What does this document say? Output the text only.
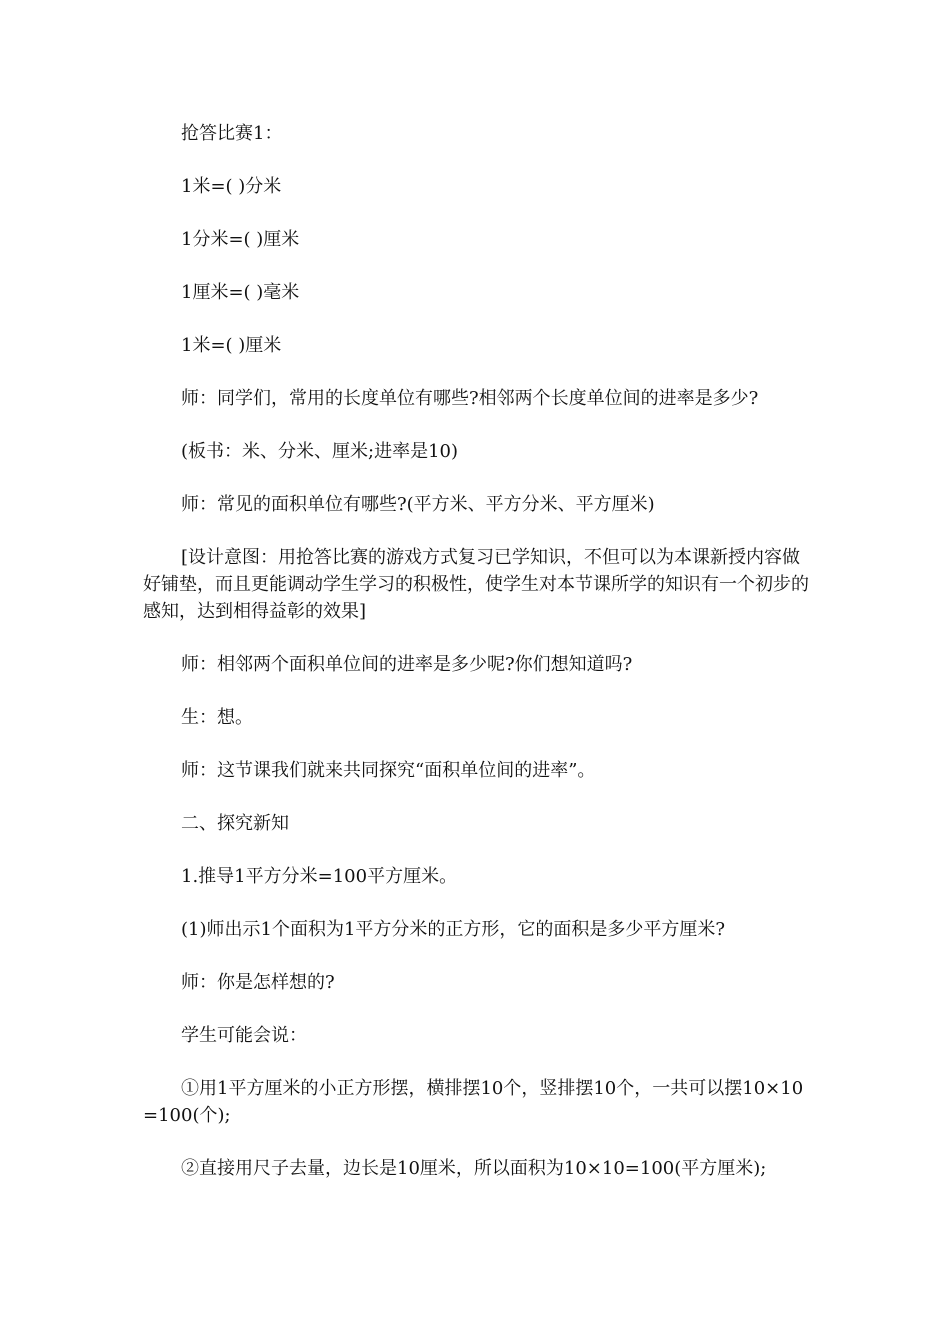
抢答比赛1：

1米=( )分米

1分米=( )厘米

1厘米=( )毫米

1米=( )厘米

师：同学们，常用的长度单位有哪些?相邻两个长度单位间的进率是多少?

(板书：米、分米、厘米;进率是10)

师：常见的面积单位有哪些?(平方米、平方分米、平方厘米)

[设计意图：用抢答比赛的游戏方式复习已学知识，不但可以为本课新授内容做好铺垫，而且更能调动学生学习的积极性，使学生对本节课所学的知识有一个初步的感知，达到相得益彰的效果]

师：相邻两个面积单位间的进率是多少呢?你们想知道吗?

生：想。

师：这节课我们就来共同探究“面积单位间的进率”。

二、探究新知

1.推导1平方分米=100平方厘米。

(1)师出示1个面积为1平方分米的正方形，它的面积是多少平方厘米?

师：你是怎样想的?

学生可能会说：

①用1平方厘米的小正方形摆，横排摆10个，竖排摆10个，一共可以摆10×10=100(个);

②直接用尺子去量，边长是10厘米，所以面积为10×10=100(平方厘米);
